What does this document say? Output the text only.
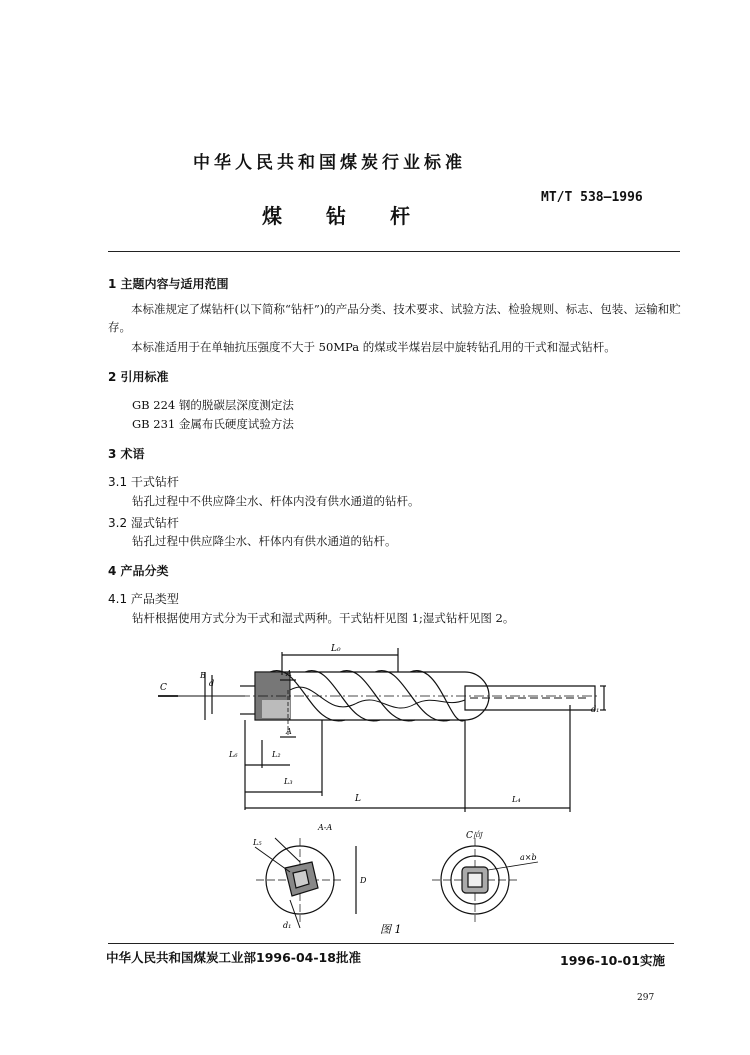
中华人民共和国煤炭行业标准
MT/T 538—1996
煤钻杆
1 主题内容与适用范围
本标准规定了煤钻杆(以下简称“钻杆”)的产品分类、技术要求、试验方法、检验规则、标志、包装、运输和贮存。
本标准适用于在单轴抗压强度不大于 50MPa 的煤或半煤岩层中旋转钻孔用的干式和湿式钻杆。
2 引用标准
GB 224 钢的脱碳层深度测定法
GB 231 金属布氏硬度试验方法
3 术语
3.1 干式钻杆
钻孔过程中不供应降尘水、杆体内没有供水通道的钻杆。
3.2 湿式钻杆
钻孔过程中供应降尘水、杆体内有供水通道的钻杆。
4 产品分类
4.1 产品类型
钻杆根据使用方式分为干式和湿式两种。干式钻杆见图 1;湿式钻杆见图 2。
L₀
B
d
C
A
A
d₁
L₆	L₂
L₃
L	L₄
A-A
L₅
D
d₁
C向
a×b
图 1
中华人民共和国煤炭工业部1996-04-18批准	1996-10-01实施
297
